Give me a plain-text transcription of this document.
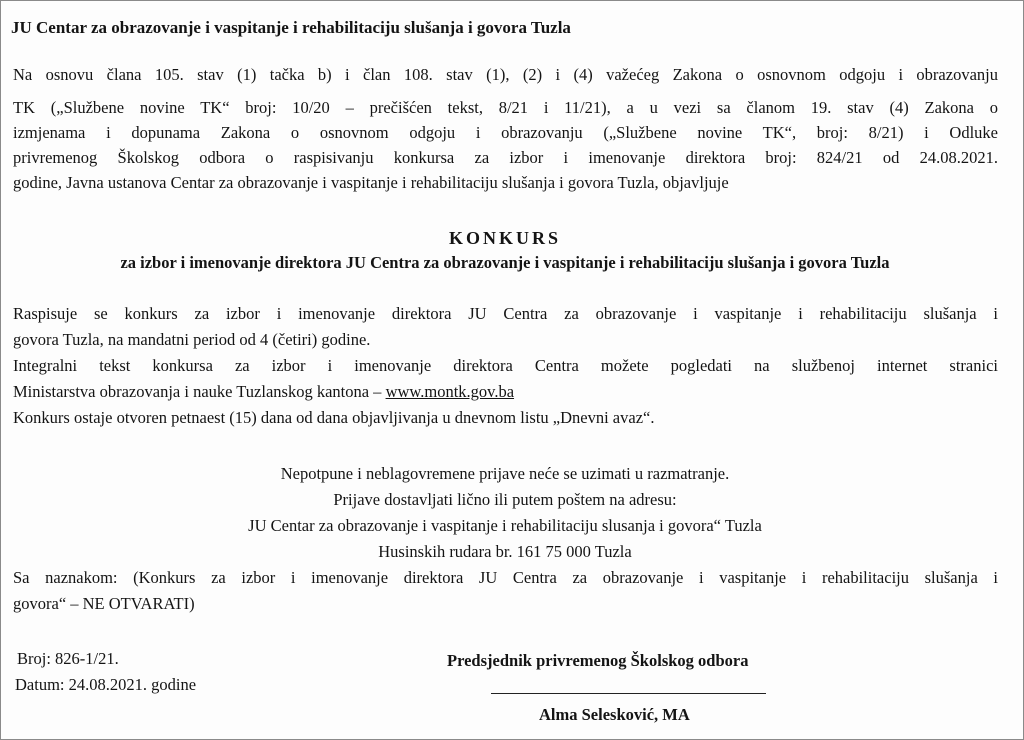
JU Centar za obrazovanje i vaspitanje i rehabilitaciju slušanja i govora Tuzla
Na osnovu člana 105. stav (1) tačka b) i član 108. stav (1), (2) i (4) važećeg Zakona o osnovnom odgoju i obrazovanju
TK („Službene novine TK“ broj: 10/20 – prečišćen tekst, 8/21 i 11/21), a u vezi sa članom 19. stav (4) Zakona o
izmjenama i dopunama Zakona o osnovnom odgoju i obrazovanju („Službene novine TK“, broj: 8/21) i Odluke
privremenog Školskog odbora o raspisivanju konkursa za izbor i imenovanje direktora broj: 824/21 od 24.08.2021.
godine, Javna ustanova Centar za obrazovanje i vaspitanje i rehabilitaciju slušanja i govora Tuzla, objavljuje
KONKURS
za izbor i imenovanje direktora JU Centra za obrazovanje i vaspitanje i rehabilitaciju slušanja i govora Tuzla
Raspisuje se konkurs za izbor i imenovanje direktora JU Centra za obrazovanje i vaspitanje i rehabilitaciju slušanja i
govora Tuzla, na mandatni period od 4 (četiri) godine.
Integralni tekst konkursa za izbor i imenovanje direktora Centra možete pogledati na službenoj internet stranici
Ministarstva obrazovanja i nauke Tuzlanskog kantona – www.montk.gov.ba
Konkurs ostaje otvoren petnaest (15) dana od dana objavljivanja u dnevnom listu „Dnevni avaz“.
Nepotpune i neblagovremene prijave neće se uzimati u razmatranje.
Prijave dostavljati lično ili putem poštem na adresu:
JU Centar za obrazovanje i vaspitanje i rehabilitaciju slusanja i govora“ Tuzla
Husinskih rudara br. 161 75 000 Tuzla
Sa naznakom: (Konkurs za izbor i imenovanje direktora JU Centra za obrazovanje i vaspitanje i rehabilitaciju slušanja i
govora“ – NE OTVARATI)
Broj: 826-1/21.
Datum: 24.08.2021. godine
Predsjednik privremenog Školskog odbora
Alma Selesković, MA
